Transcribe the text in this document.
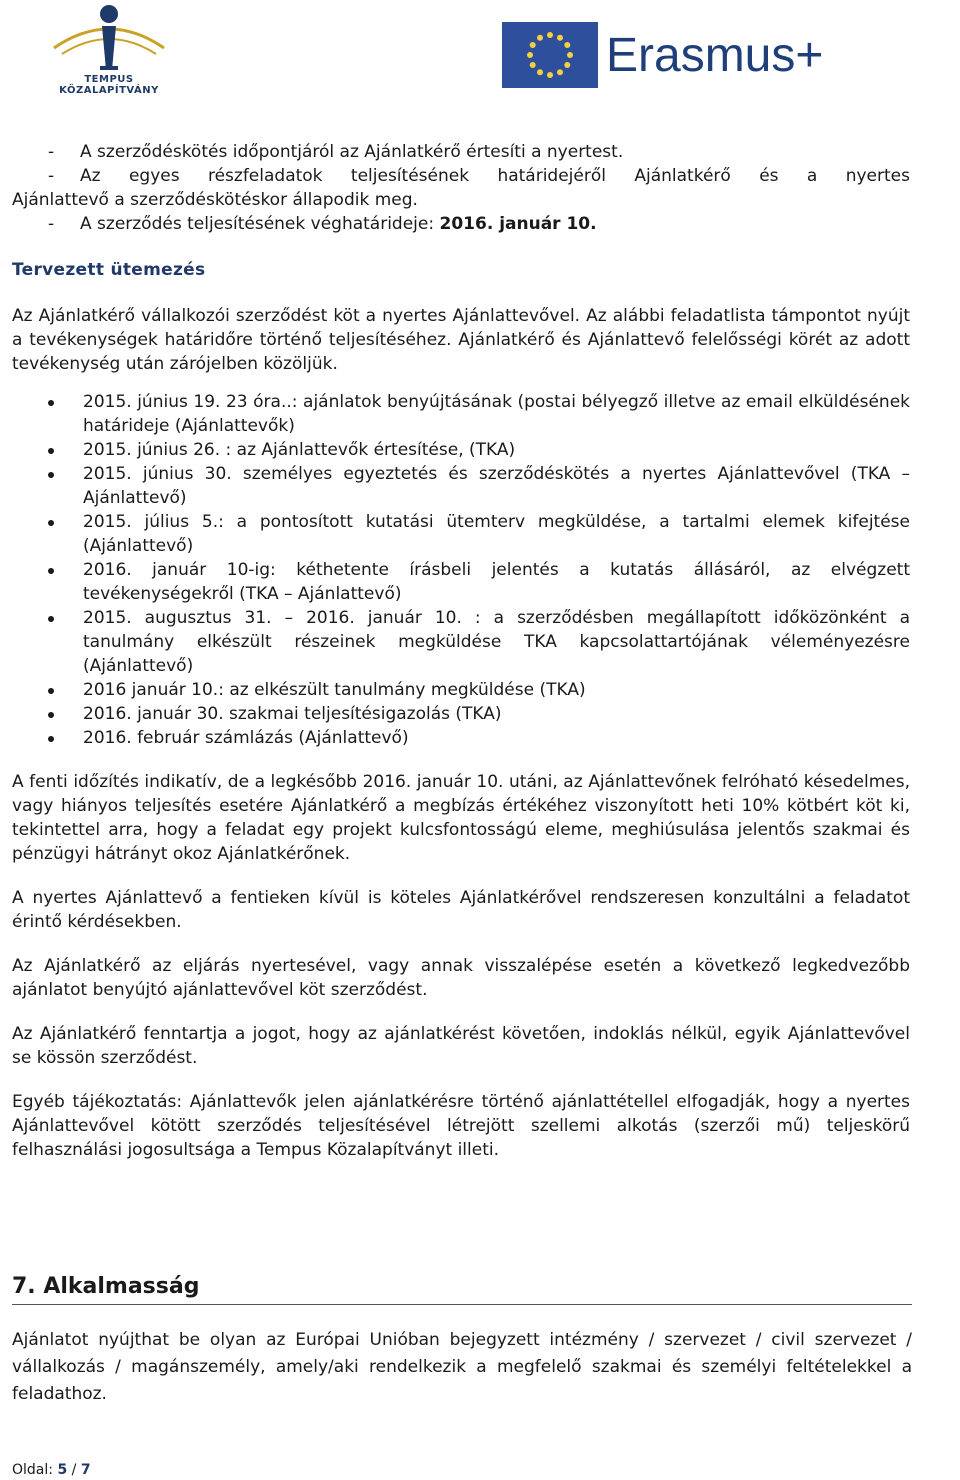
TEMPUS KÖZALAPÍTVÁNY
Erasmus+
- A szerződéskötés időpontjáról az Ajánlatkérő értesíti a nyertest.
- Az egyes részfeladatok teljesítésének határidejéről Ajánlatkérő és a nyertes
Ajánlattevő a szerződéskötéskor állapodik meg.
- A szerződés teljesítésének véghatárideje: 2016. január 10.
Tervezett ütemezés
Az Ajánlatkérő vállalkozói szerződést köt a nyertes Ajánlattevővel. Az alábbi feladatlista támpontot nyújt a tevékenységek határidőre történő teljesítéséhez. Ajánlatkérő és Ajánlattevő felelősségi körét az adott tevékenység után zárójelben közöljük.
2015. június 19. 23 óra..: ajánlatok benyújtásának (postai bélyegző illetve az email elküldésének határideje (Ajánlattevők)
2015. június 26. : az Ajánlattevők értesítése, (TKA)
2015. június 30. személyes egyeztetés és szerződéskötés a nyertes Ajánlattevővel (TKA – Ajánlattevő)
2015. július 5.: a pontosított kutatási ütemterv megküldése, a tartalmi elemek kifejtése (Ajánlattevő)
2016. január 10-ig: kéthetente írásbeli jelentés a kutatás állásáról, az elvégzett tevékenységekről (TKA – Ajánlattevő)
2015. augusztus 31. – 2016. január 10. : a szerződésben megállapított időközönként a tanulmány elkészült részeinek megküldése TKA kapcsolattartójának véleményezésre (Ajánlattevő)
2016 január 10.: az elkészült tanulmány megküldése (TKA)
2016. január 30. szakmai teljesítésigazolás (TKA)
2016. február számlázás (Ajánlattevő)
A fenti időzítés indikatív, de a legkésőbb 2016. január 10. utáni, az Ajánlattevőnek felróható késedelmes, vagy hiányos teljesítés esetére Ajánlatkérő a megbízás értékéhez viszonyított heti 10% kötbért köt ki, tekintettel arra, hogy a feladat egy projekt kulcsfontosságú eleme, meghiúsulása jelentős szakmai és pénzügyi hátrányt okoz Ajánlatkérőnek.
A nyertes Ajánlattevő a fentieken kívül is köteles Ajánlatkérővel rendszeresen konzultálni a feladatot érintő kérdésekben.
Az Ajánlatkérő az eljárás nyertesével, vagy annak visszalépése esetén a következő legkedvezőbb ajánlatot benyújtó ajánlattevővel köt szerződést.
Az Ajánlatkérő fenntartja a jogot, hogy az ajánlatkérést követően, indoklás nélkül, egyik Ajánlattevővel se kössön szerződést.
Egyéb tájékoztatás: Ajánlattevők jelen ajánlatkérésre történő ajánlattétellel elfogadják, hogy a nyertes Ajánlattevővel kötött szerződés teljesítésével létrejött szellemi alkotás (szerzői mű) teljeskörű felhasználási jogosultsága a Tempus Közalapítványt illeti.
7. Alkalmasság
Ajánlatot nyújthat be olyan az Európai Unióban bejegyzett intézmény / szervezet / civil szervezet / vállalkozás / magánszemély, amely/aki rendelkezik a megfelelő szakmai és személyi feltételekkel a feladathoz.
Oldal: 5 / 7
